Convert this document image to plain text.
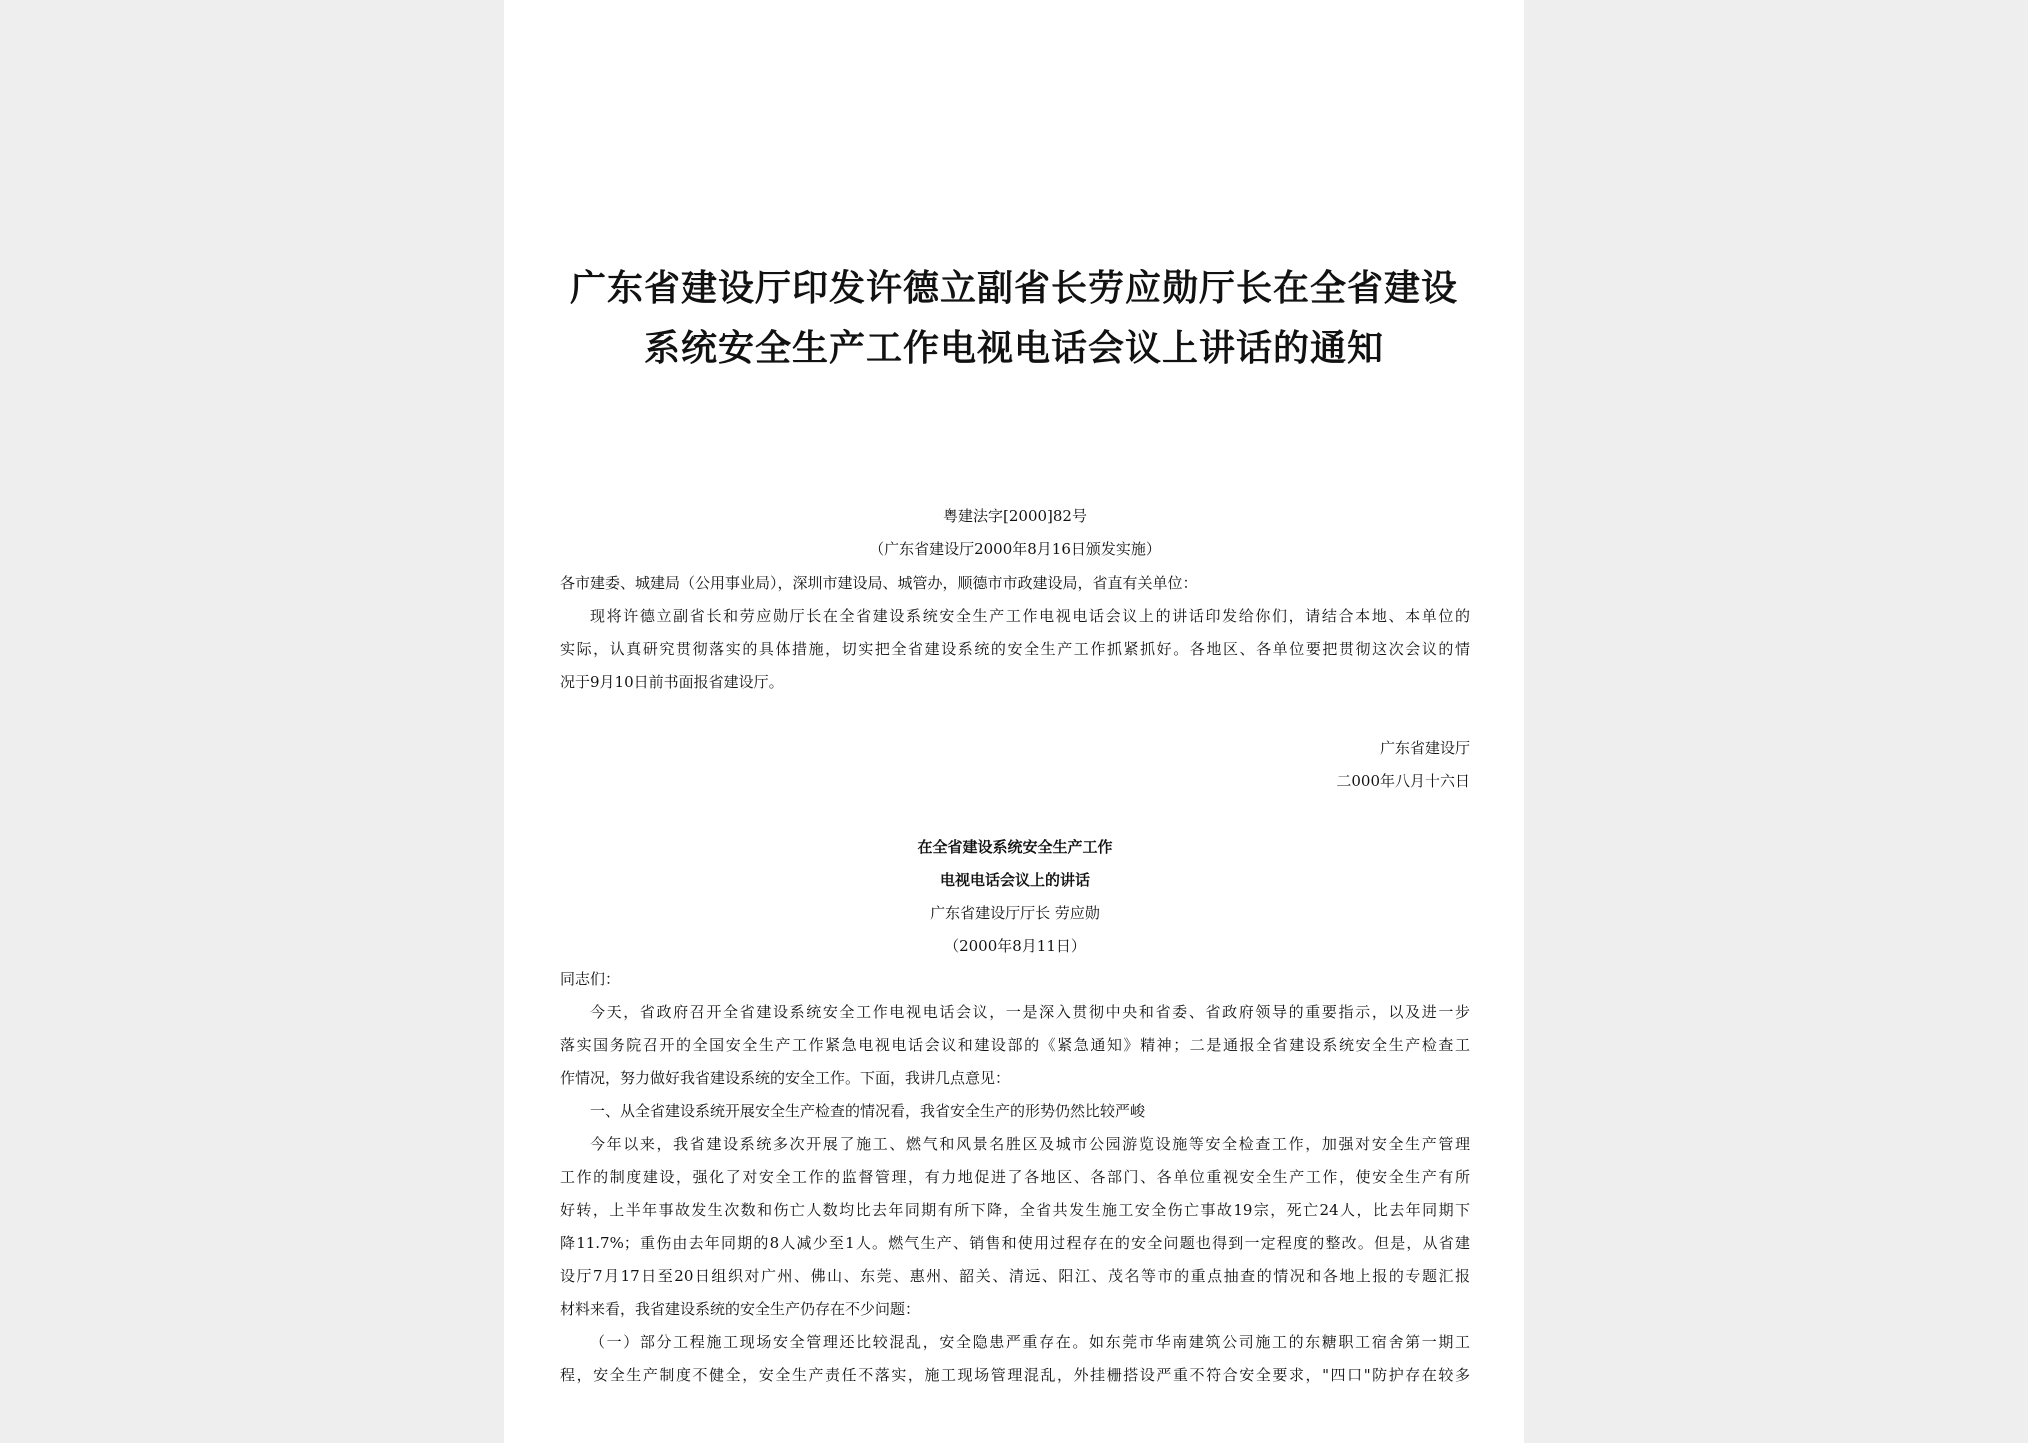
广东省建设厅印发许德立副省长劳应勋厅长在全省建设
系统安全生产工作电视电话会议上讲话的通知

粤建法字[2000]82号

（广东省建设厅2000年8月16日颁发实施）

各市建委、城建局（公用事业局），深圳市建设局、城管办，顺德市市政建设局，省直有关单位：

现将许德立副省长和劳应勋厅长在全省建设系统安全生产工作电视电话会议上的讲话印发给你们，请结合本地、本单位的

实际，认真研究贯彻落实的具体措施，切实把全省建设系统的安全生产工作抓紧抓好。各地区、各单位要把贯彻这次会议的情

况于9月10日前书面报省建设厅。

广东省建设厅

二000年八月十六日

在全省建设系统安全生产工作

电视电话会议上的讲话

广东省建设厅厅长 劳应勋

（2000年8月11日）

同志们：

今天，省政府召开全省建设系统安全工作电视电话会议，一是深入贯彻中央和省委、省政府领导的重要指示，以及进一步

落实国务院召开的全国安全生产工作紧急电视电话会议和建设部的《紧急通知》精神；二是通报全省建设系统安全生产检查工

作情况，努力做好我省建设系统的安全工作。下面，我讲几点意见：

一、从全省建设系统开展安全生产检查的情况看，我省安全生产的形势仍然比较严峻

今年以来，我省建设系统多次开展了施工、燃气和风景名胜区及城市公园游览设施等安全检查工作，加强对安全生产管理

工作的制度建设，强化了对安全工作的监督管理，有力地促进了各地区、各部门、各单位重视安全生产工作，使安全生产有所

好转，上半年事故发生次数和伤亡人数均比去年同期有所下降，全省共发生施工安全伤亡事故19宗，死亡24人，比去年同期下

降11.7%；重伤由去年同期的8人减少至1人。燃气生产、销售和使用过程存在的安全问题也得到一定程度的整改。但是，从省建

设厅7月17日至20日组织对广州、佛山、东莞、惠州、韶关、清远、阳江、茂名等市的重点抽查的情况和各地上报的专题汇报

材料来看，我省建设系统的安全生产仍存在不少问题：

（一）部分工程施工现场安全管理还比较混乱，安全隐患严重存在。如东莞市华南建筑公司施工的东糖职工宿舍第一期工

程，安全生产制度不健全，安全生产责任不落实，施工现场管理混乱，外挂栅搭设严重不符合安全要求，"四口"防护存在较多
